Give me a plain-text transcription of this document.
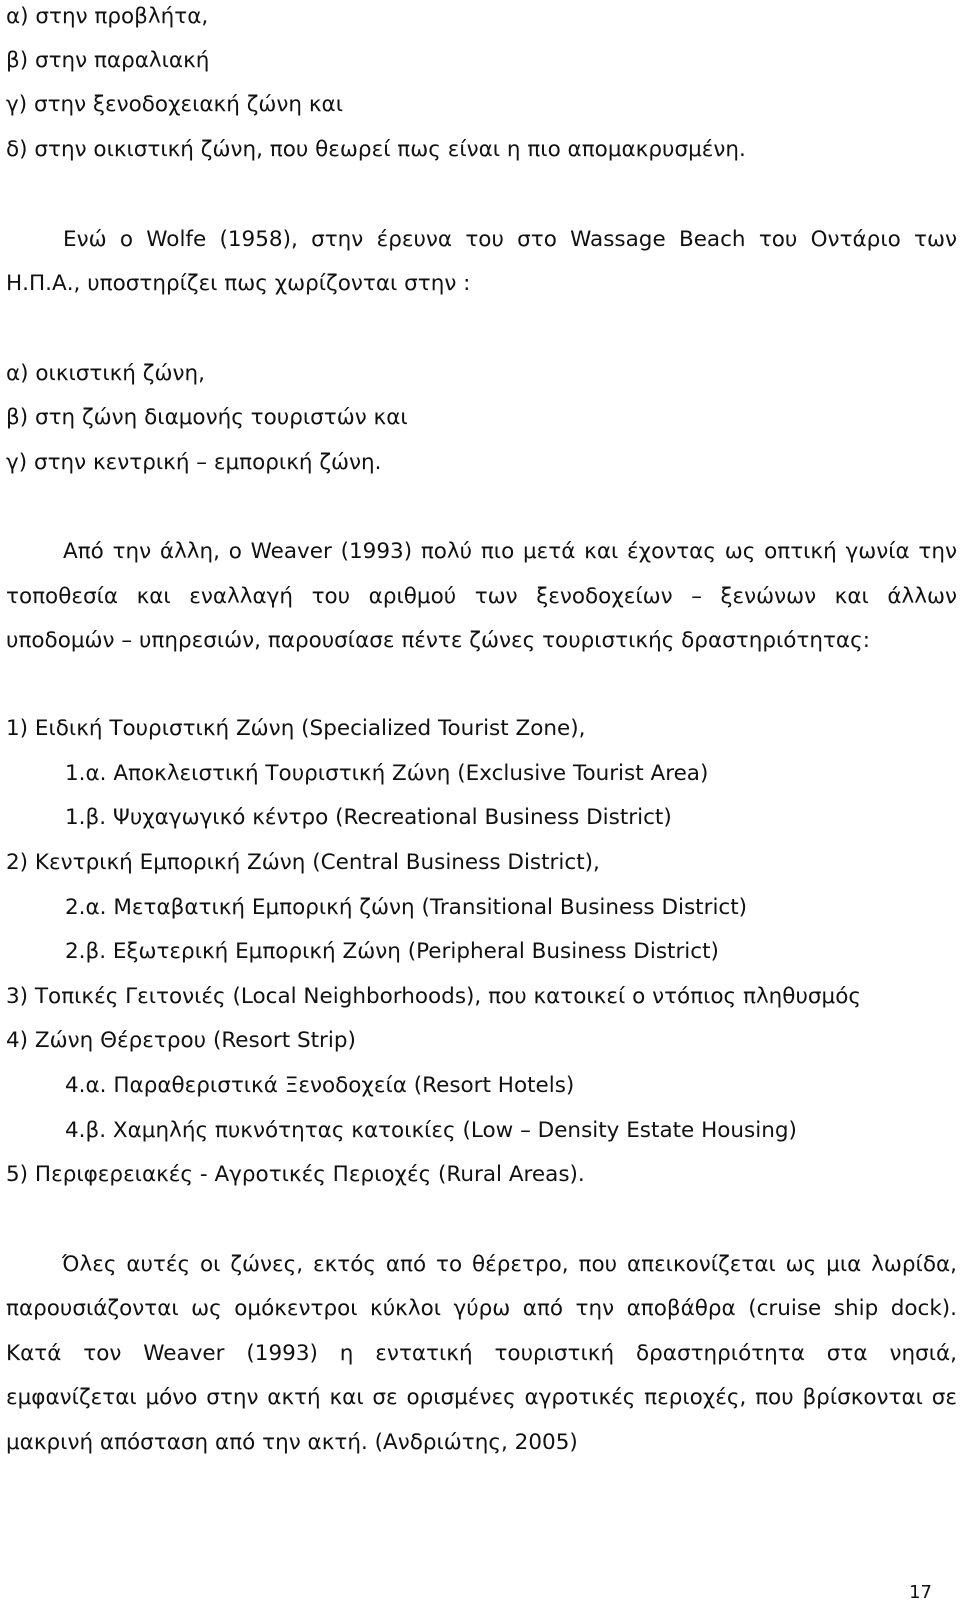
α) στην προβλήτα,
β) στην παραλιακή
γ) στην ξενοδοχειακή ζώνη και
δ) στην οικιστική ζώνη, που θεωρεί πως είναι η πιο απομακρυσμένη.
Ενώ ο Wolfe (1958), στην έρευνα του στο Wassage Beach του Οντάριο των
Η.Π.Α., υποστηρίζει πως χωρίζονται στην :
α) οικιστική ζώνη,
β) στη ζώνη διαμονής τουριστών και
γ) στην κεντρική – εμπορική ζώνη.
Από την άλλη, ο Weaver (1993) πολύ πιο μετά και έχοντας ως οπτική γωνία την
τοποθεσία και εναλλαγή του αριθμού των ξενοδοχείων – ξενώνων και άλλων
υποδομών – υπηρεσιών, παρουσίασε πέντε ζώνες τουριστικής δραστηριότητας:
1) Ειδική Τουριστική Ζώνη (Specialized Tourist Zone),
1.α. Αποκλειστική Τουριστική Ζώνη (Exclusive Tourist Area)
1.β. Ψυχαγωγικό κέντρο (Recreational Business District)
2) Κεντρική Εμπορική Ζώνη (Central Business District),
2.α. Μεταβατική Εμπορική ζώνη (Transitional Business District)
2.β. Εξωτερική Εμπορική Ζώνη (Peripheral Business District)
3) Τοπικές Γειτονιές (Local Neighborhoods), που κατοικεί ο ντόπιος πληθυσμός
4) Ζώνη Θέρετρου (Resort Strip)
4.α. Παραθεριστικά Ξενοδοχεία (Resort Hotels)
4.β. Χαμηλής πυκνότητας κατοικίες (Low – Density Estate Housing)
5) Περιφερειακές - Αγροτικές Περιοχές (Rural Areas).
Όλες αυτές οι ζώνες, εκτός από το θέρετρο, που απεικονίζεται ως μια λωρίδα,
παρουσιάζονται ως ομόκεντροι κύκλοι γύρω από την αποβάθρα (cruise ship dock).
Κατά τον Weaver (1993) η εντατική τουριστική δραστηριότητα στα νησιά,
εμφανίζεται μόνο στην ακτή και σε ορισμένες αγροτικές περιοχές, που βρίσκονται σε
μακρινή απόσταση από την ακτή. (Ανδριώτης, 2005)
17
